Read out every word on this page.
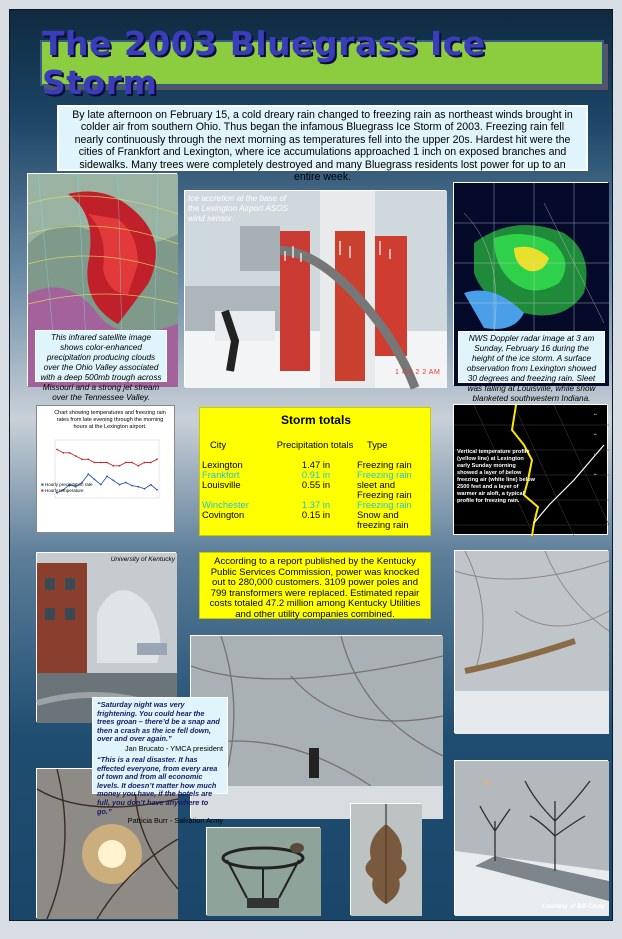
The 2003 Bluegrass Ice Storm
By late afternoon on February 15, a cold dreary rain changed to freezing rain as northeast winds brought in colder air from southern Ohio. Thus began the infamous Bluegrass Ice Storm of 2003. Freezing rain fell nearly continuously through the next morning as temperatures fell into the upper 20s. Hardest hit were the cities of Frankfort and Lexington, where ice accumulations approached 1 inch on exposed branches and sidewalks. Many trees were completely destroyed and many Bluegrass residents lost power for up to an entire week.
This infrared satellite image shows color-enhanced precipitation producing clouds over the Ohio Valley associated with a deep 500mb trough across Missouri and a strong jet stream over the Tennessee Valley.
Ice accretion at the base of the Lexington Airport ASOS wind sensor.
1 4 0 2 2 AM
NWS Doppler radar image at 3 am Sunday, February 16 during the height of the ice storm. A surface observation from Lexington showed 30 degrees and freezing rain. Sleet was falling at Louisville, while snow blanketed southwestern Indiana.
Chart showing temperatures and freezing rain rates from late evening through the morning hours at the Lexington airport.
■ Hourly precipitation rate
■ Hourly temperature
Storm totals
City	Precipitation totals	Type
Lexington	1.47 in	Freezing rain
Frankfort	0.91 in	Freezing rain
Louisville	0.55 in	sleet and Freezing rain
Winchester	1.37 in	Freezing rain
Covington	0.15 in	Snow and freezing rain
▸▸
▸▸
▸▸
▸▸
Vertical temperature profile (yellow line) at Lexington early Sunday morning showed a layer of below freezing air (white line) below 2500 feet and a layer of warmer air aloft, a typical profile for freezing rain.
University of Kentucky	According to a report published by the Kentucky Public Services Commission, power was knocked out to 280,000 customers. 3109 power poles and 799 transformers were replaced. Estimated repair costs totaled 47.2 million among Kentucky Utilities and other utility companies combined.
“Saturday night was very frightening. You could hear the trees groan – there’d be a snap and then a crash as the ice fell down, over and over again.”
Jan Brucato - YMCA president
“This is a real disaster. It has effected everyone, from every area of town and from all economic levels. It doesn’t matter how much money you have, if the hotels are full, you don’t have anywhere to go.”
Patricia Burr - Salvation Army
Courtesy of Bill Crusy
